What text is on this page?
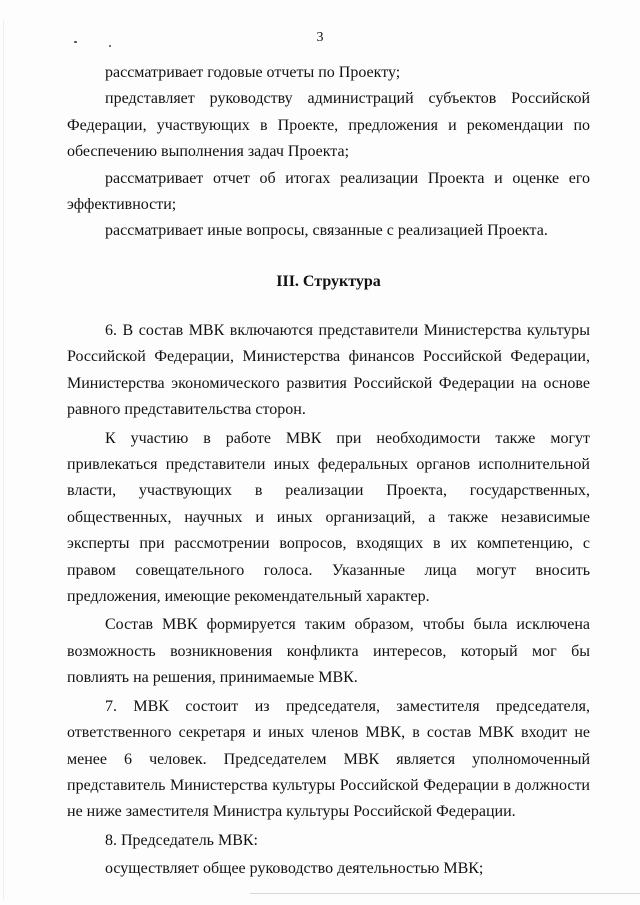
3

рассматривает годовые отчеты по Проекту;

представляет руководству администраций субъектов Российской Федерации, участвующих в Проекте, предложения и рекомендации по обеспечению выполнения задач Проекта;

рассматривает отчет об итогах реализации Проекта и оценке его эффективности;

рассматривает иные вопросы, связанные с реализацией Проекта.

III. Структура

6. В состав МВК включаются представители Министерства культуры Российской Федерации, Министерства финансов Российской Федерации, Министерства экономического развития Российской Федерации на основе равного представительства сторон.

К участию в работе МВК при необходимости также могут привлекаться представители иных федеральных органов исполнительной власти, участвующих в реализации Проекта, государственных, общественных, научных и иных организаций, а также независимые эксперты при рассмотрении вопросов, входящих в их компетенцию, с правом совещательного голоса. Указанные лица могут вносить предложения, имеющие рекомендательный характер.

Состав МВК формируется таким образом, чтобы была исключена возможность возникновения конфликта интересов, который мог бы повлиять на решения, принимаемые МВК.

7. МВК состоит из председателя, заместителя председателя, ответственного секретаря и иных членов МВК, в состав МВК входит не менее 6 человек. Председателем МВК является уполномоченный представитель Министерства культуры Российской Федерации в должности не ниже заместителя Министра культуры Российской Федерации.

8. Председатель МВК:

осуществляет общее руководство деятельностью МВК;
